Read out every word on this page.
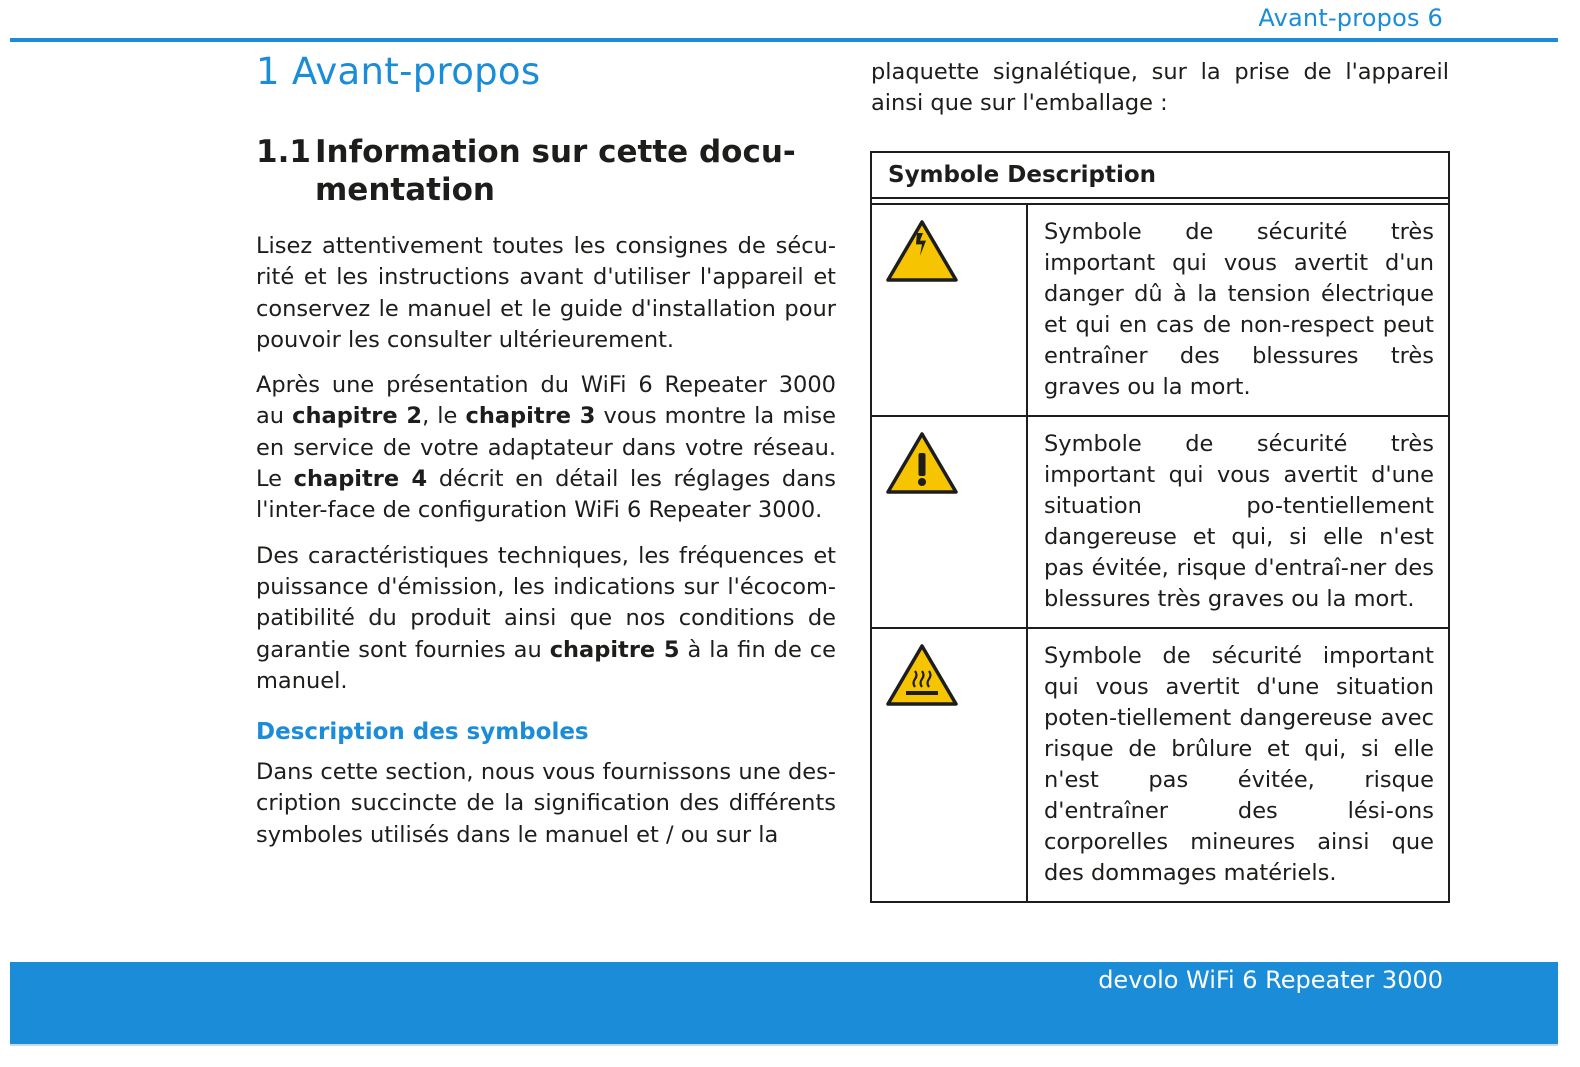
Avant-propos 6
1 Avant-propos
1.1 Information sur cette docu-mentation

Lisez attentivement toutes les consignes de sécu-rité et les instructions avant d'utiliser l'appareil et conservez le manuel et le guide d'installation pour pouvoir les consulter ultérieurement.

Après une présentation du WiFi 6 Repeater 3000 au chapitre 2, le chapitre 3 vous montre la mise en service de votre adaptateur dans votre réseau. Le chapitre 4 décrit en détail les réglages dans l'inter-face de configuration WiFi 6 Repeater 3000.

Des caractéristiques techniques, les fréquences et puissance d'émission, les indications sur l'écocom-patibilité du produit ainsi que nos conditions de garantie sont fournies au chapitre 5 à la fin de ce manuel.

Description des symboles

Dans cette section, nous vous fournissons une des-cription succincte de la signification des différents symboles utilisés dans le manuel et / ou sur la

plaquette signalétique, sur la prise de l'appareil ainsi que sur l'emballage :

Symbole Description	

	Symbole de sécurité très important qui vous avertit d'un danger dû à la tension électrique et qui en cas de non-respect peut entraîner des blessures très graves ou la mort.
	Symbole de sécurité très important qui vous avertit d'une situation po-tentiellement dangereuse et qui, si elle n'est pas évitée, risque d'entraî-ner des blessures très graves ou la mort.
	Symbole de sécurité important qui vous avertit d'une situation poten-tiellement dangereuse avec risque de brûlure et qui, si elle n'est pas évitée, risque d'entraîner des lési-ons corporelles mineures ainsi que des dommages matériels.
devolo WiFi 6 Repeater 3000
